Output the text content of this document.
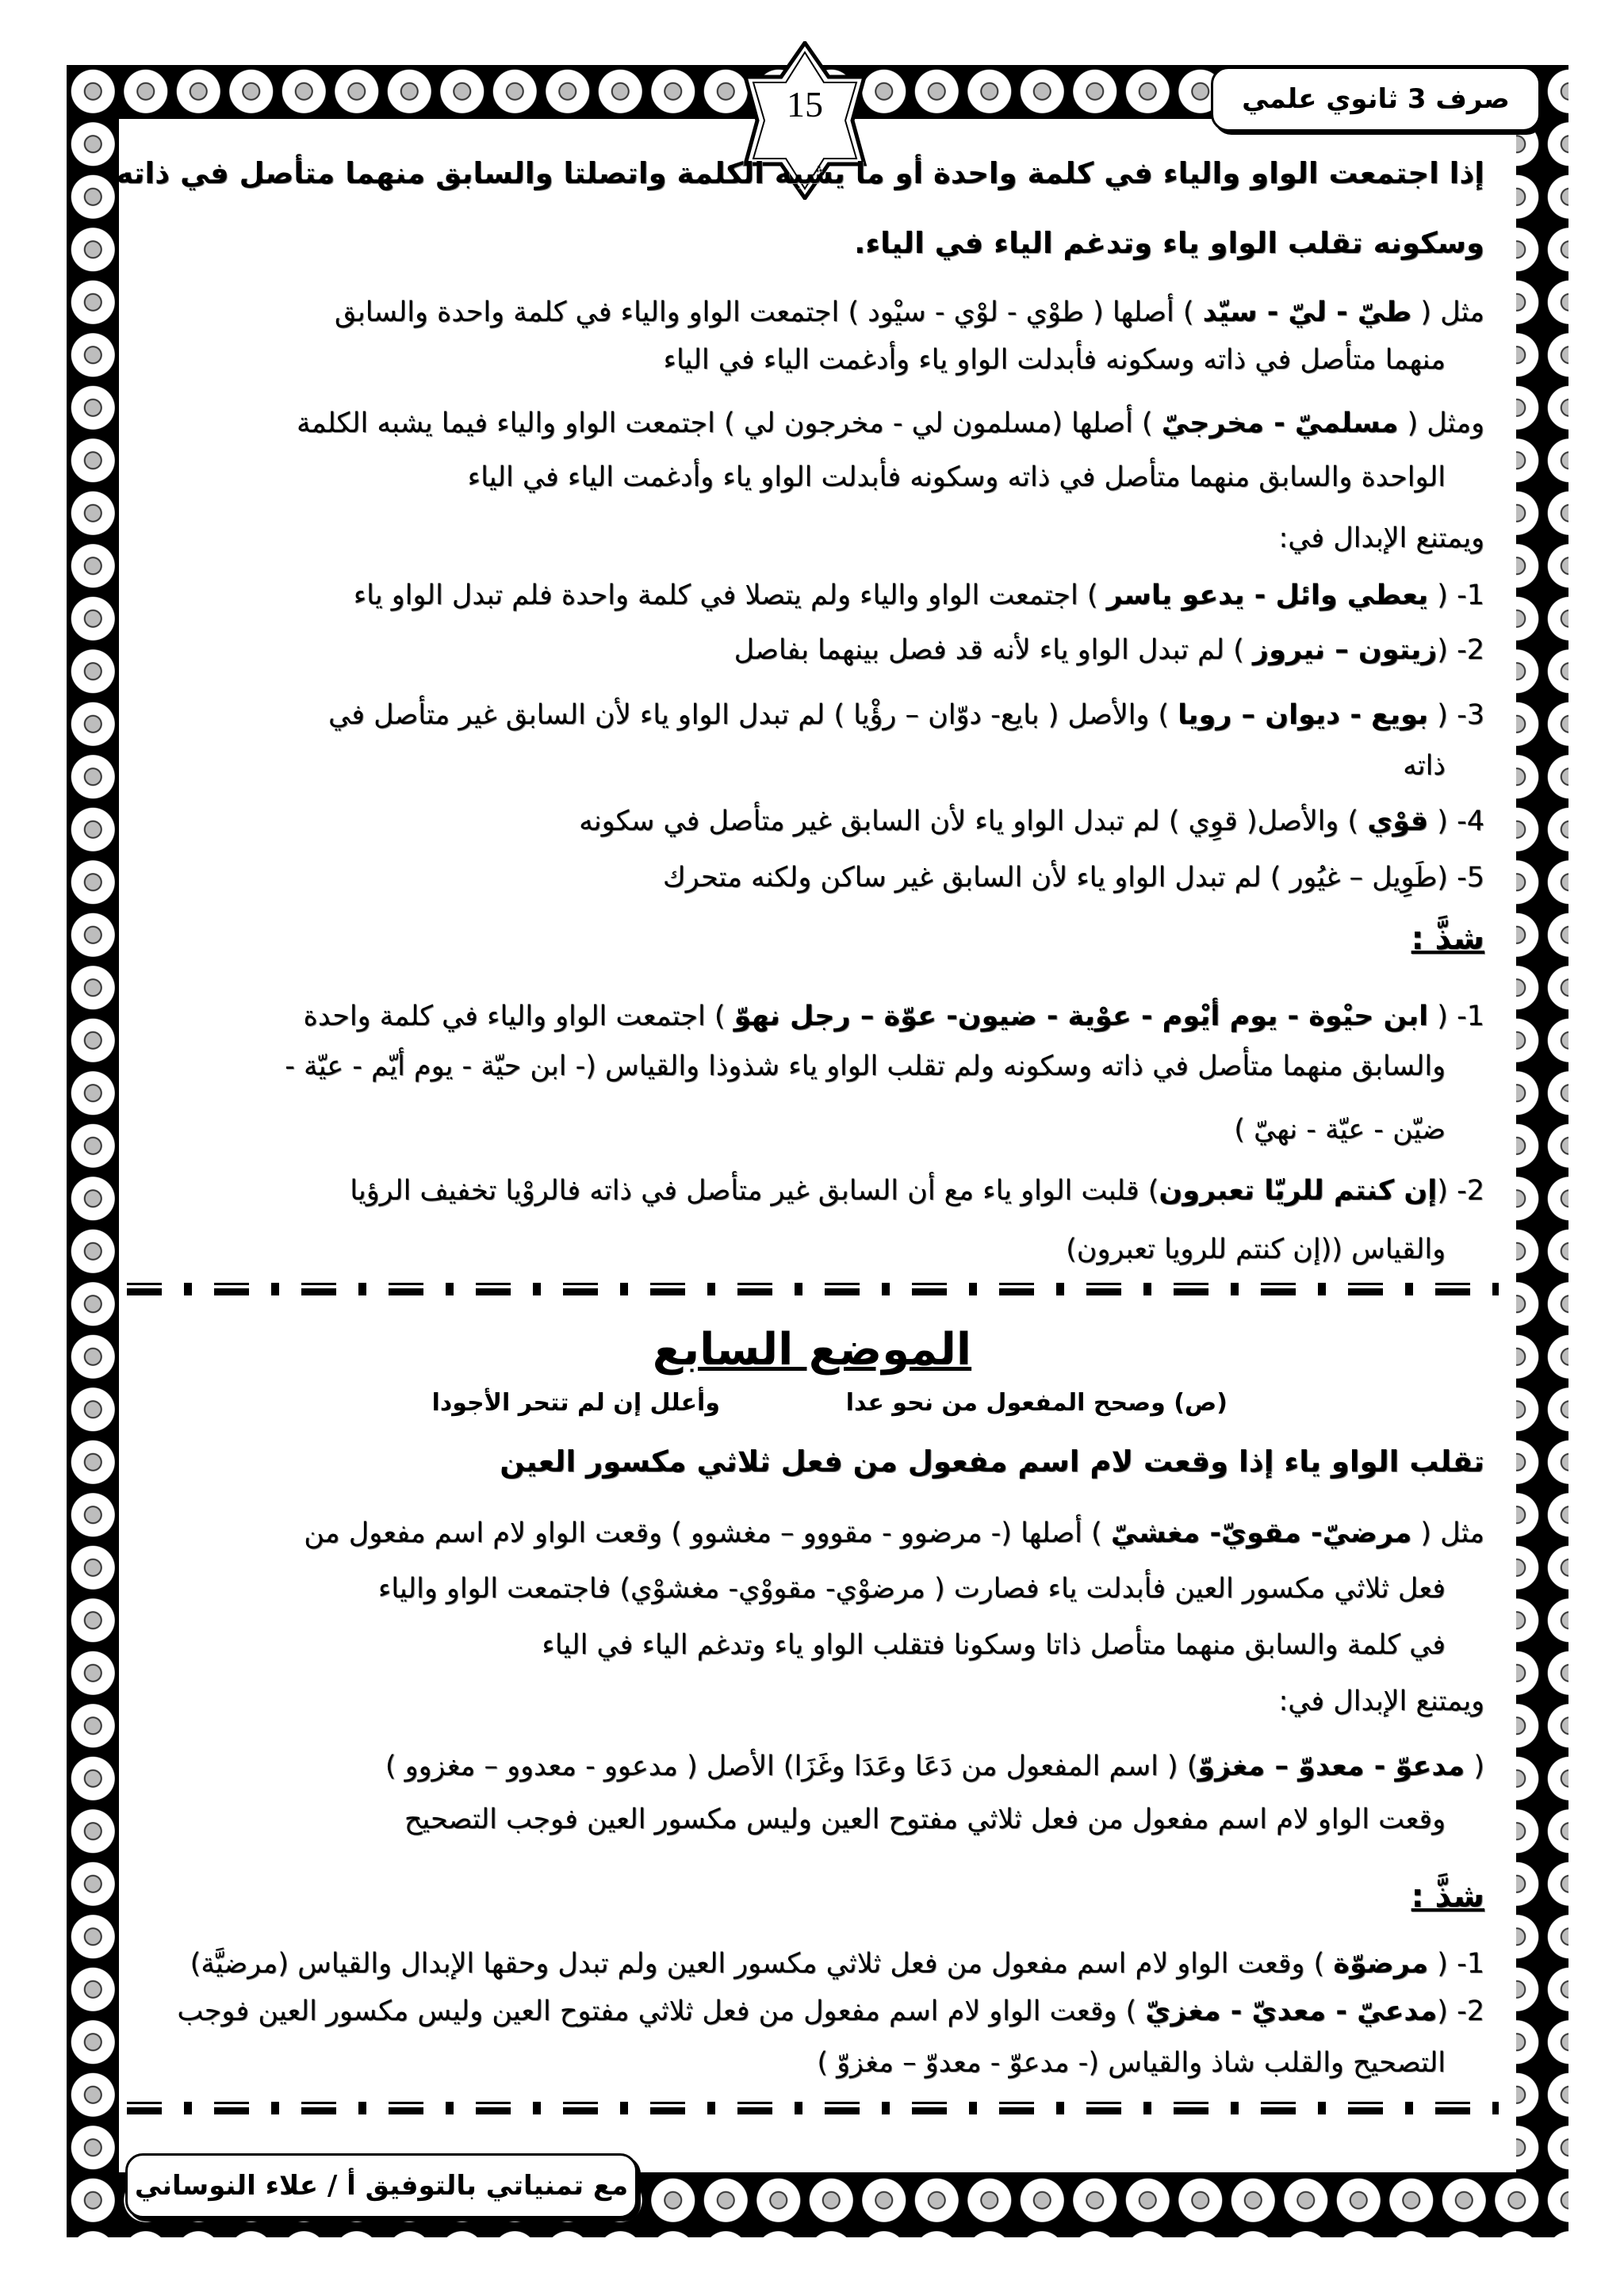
صرف 3 ثانوي علمي
15
إذا اجتمعت الواو والياء في كلمة واحدة أو ما يشبه الكلمة واتصلتا والسابق منهما متأصل في ذاته
وسكونه تقلب الواو ياء وتدغم الياء في الياء.
مثل ( طيّ - ليّ - سيّد ) أصلها ( طوْي - لوْي - سيْود ) اجتمعت الواو والياء في كلمة واحدة والسابق
منهما متأصل في ذاته وسكونه فأبدلت الواو ياء وأدغمت الياء في الياء
ومثل ( مسلميّ - مخرجيّ ) أصلها (مسلمون لي - مخرجون لي ) اجتمعت الواو والياء فيما يشبه الكلمة
الواحدة والسابق منهما متأصل في ذاته وسكونه فأبدلت الواو ياء وأدغمت الياء في الياء
ويمتنع الإبدال في:
1- ( يعطي وائل - يدعو ياسر ) اجتمعت الواو والياء ولم يتصلا في كلمة واحدة فلم تبدل الواو ياء
2- (زيتون – نيروز ) لم تبدل الواو ياء لأنه قد فصل بينهما بفاصل
3- ( بويع - ديوان – رويا ) والأصل ( بايع- دوّان – رؤْيا ) لم تبدل الواو ياء لأن السابق غير متأصل في
ذاته
4- ( قوْي ) والأصل( قوِي ) لم تبدل الواو ياء لأن السابق غير متأصل في سكونه
5- (طَوِيل – غيُور ) لم تبدل الواو ياء لأن السابق غير ساكن ولكنه متحرك
شذَّ :
1- ( ابن حيْوة - يوم أيْوم - عوْية - ضيون- عوّة – رجل نهوّ ) اجتمعت الواو والياء في كلمة واحدة
والسابق منهما متأصل في ذاته وسكونه ولم تقلب الواو ياء شذوذا والقياس (- ابن حيّة - يوم أيّم - عيّة -
ضيّن - عيّة - نهيّ )
2- (إن كنتم للريّا تعبرون) قلبت الواو ياء مع أن السابق غير متأصل في ذاته فالروْيا تخفيف الرؤيا
والقياس ((إن كنتم للرويا تعبرون)
تقلب الواو ياء إذا وقعت لام اسم مفعول من فعل ثلاثي مكسور العين
مثل ( مرضيّ- مقويّ- مغشيّ ) أصلها (- مرضوو - مقووو – مغشوو ) وقعت الواو لام اسم مفعول من
فعل ثلاثي مكسور العين فأبدلت ياء فصارت ( مرضوْي- مقووْي- مغشوْي) فاجتمعت الواو والياء
في كلمة والسابق منهما متأصل ذاتا وسكونا فتقلب الواو ياء وتدغم الياء في الياء
ويمتنع الإبدال في:
( مدعوّ - معدوّ – مغزوّ) ( اسم المفعول من دَعَا وعَدَا وغَزَا) الأصل ( مدعوو - معدوو – مغزوو )
وقعت الواو لام اسم مفعول من فعل ثلاثي مفتوح العين وليس مكسور العين فوجب التصحيح
شذَّ :
1- ( مرضوّة ) وقعت الواو لام اسم مفعول من فعل ثلاثي مكسور العين ولم تبدل وحقها الإبدال والقياس (مرضيَّة)
2- (مدعيّ - معديّ - مغزيّ ) وقعت الواو لام اسم مفعول من فعل ثلاثي مفتوح العين وليس مكسور العين فوجب
التصحيح والقلب شاذ والقياس (- مدعوّ - معدوّ – مغزوّ )
الموضع السابع
(ص) وصحح المفعول من نحو عدا
وأعلل إن لم تتحر الأجودا
مع تمنياتي بالتوفيق أ / علاء النوساني
